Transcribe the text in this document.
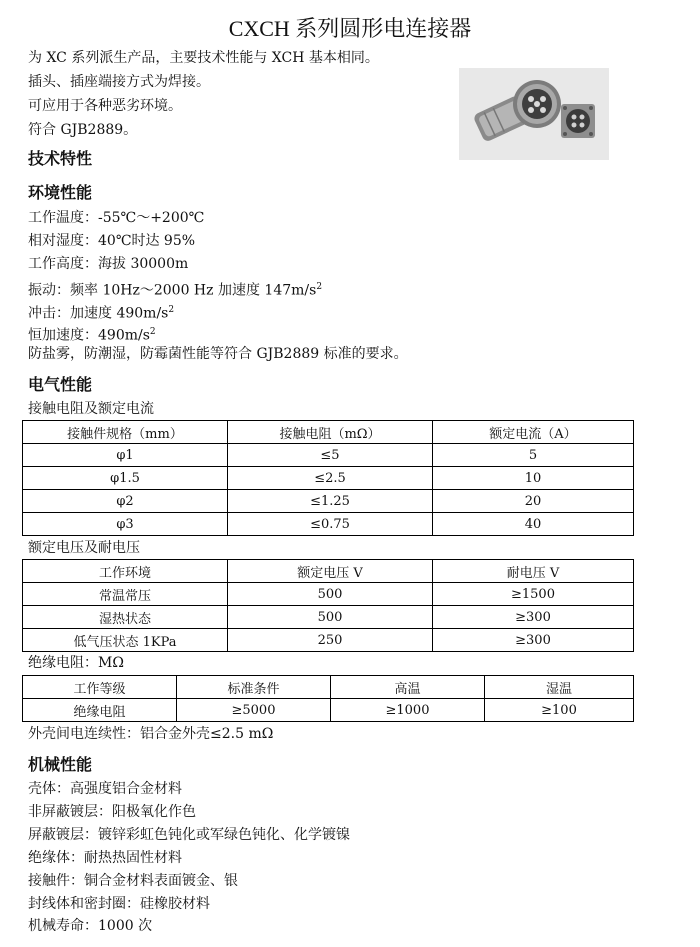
CXCH 系列圆形电连接器
为 XC 系列派生产品，主要技术性能与 XCH 基本相同。
插头、插座端接方式为焊接。
可应用于各种恶劣环境。
符合 GJB2889。
技术特性
环境性能
工作温度：-55℃～+200℃
相对湿度：40℃时达 95%
工作高度：海拔 30000m
振动：频率 10Hz～2000 Hz 加速度 $147m/s^2$
冲击：加速度 $490m/s^2$
恒加速度：$490m/s^2$
防盐雾，防潮湿，防霉菌性能等符合 GJB2889 标准的要求。
电气性能
接触电阻及额定电流
接触件规格（mm）	接触电阻（mΩ）	额定电流（A）
φ1	≤5	5
φ1.5	≤2.5	10
φ2	≤1.25	20
φ3	≤0.75	40
额定电压及耐电压
工作环境	额定电压 V	耐电压 V
常温常压	500	≥1500
湿热状态	500	≥300
低气压状态 1KPa	250	≥300
绝缘电阻：MΩ
工作等级	标准条件	高温	湿温
绝缘电阻	≥5000	≥1000	≥100
外壳间电连续性：铝合金外壳≤2.5 mΩ
机械性能
壳体：高强度铝合金材料
非屏蔽镀层：阳极氧化作色
屏蔽镀层：镀锌彩虹色钝化或军绿色钝化、化学镀镍
绝缘体：耐热热固性材料
接触件：铜合金材料表面镀金、银
封线体和密封圈：硅橡胶材料
机械寿命：1000 次
